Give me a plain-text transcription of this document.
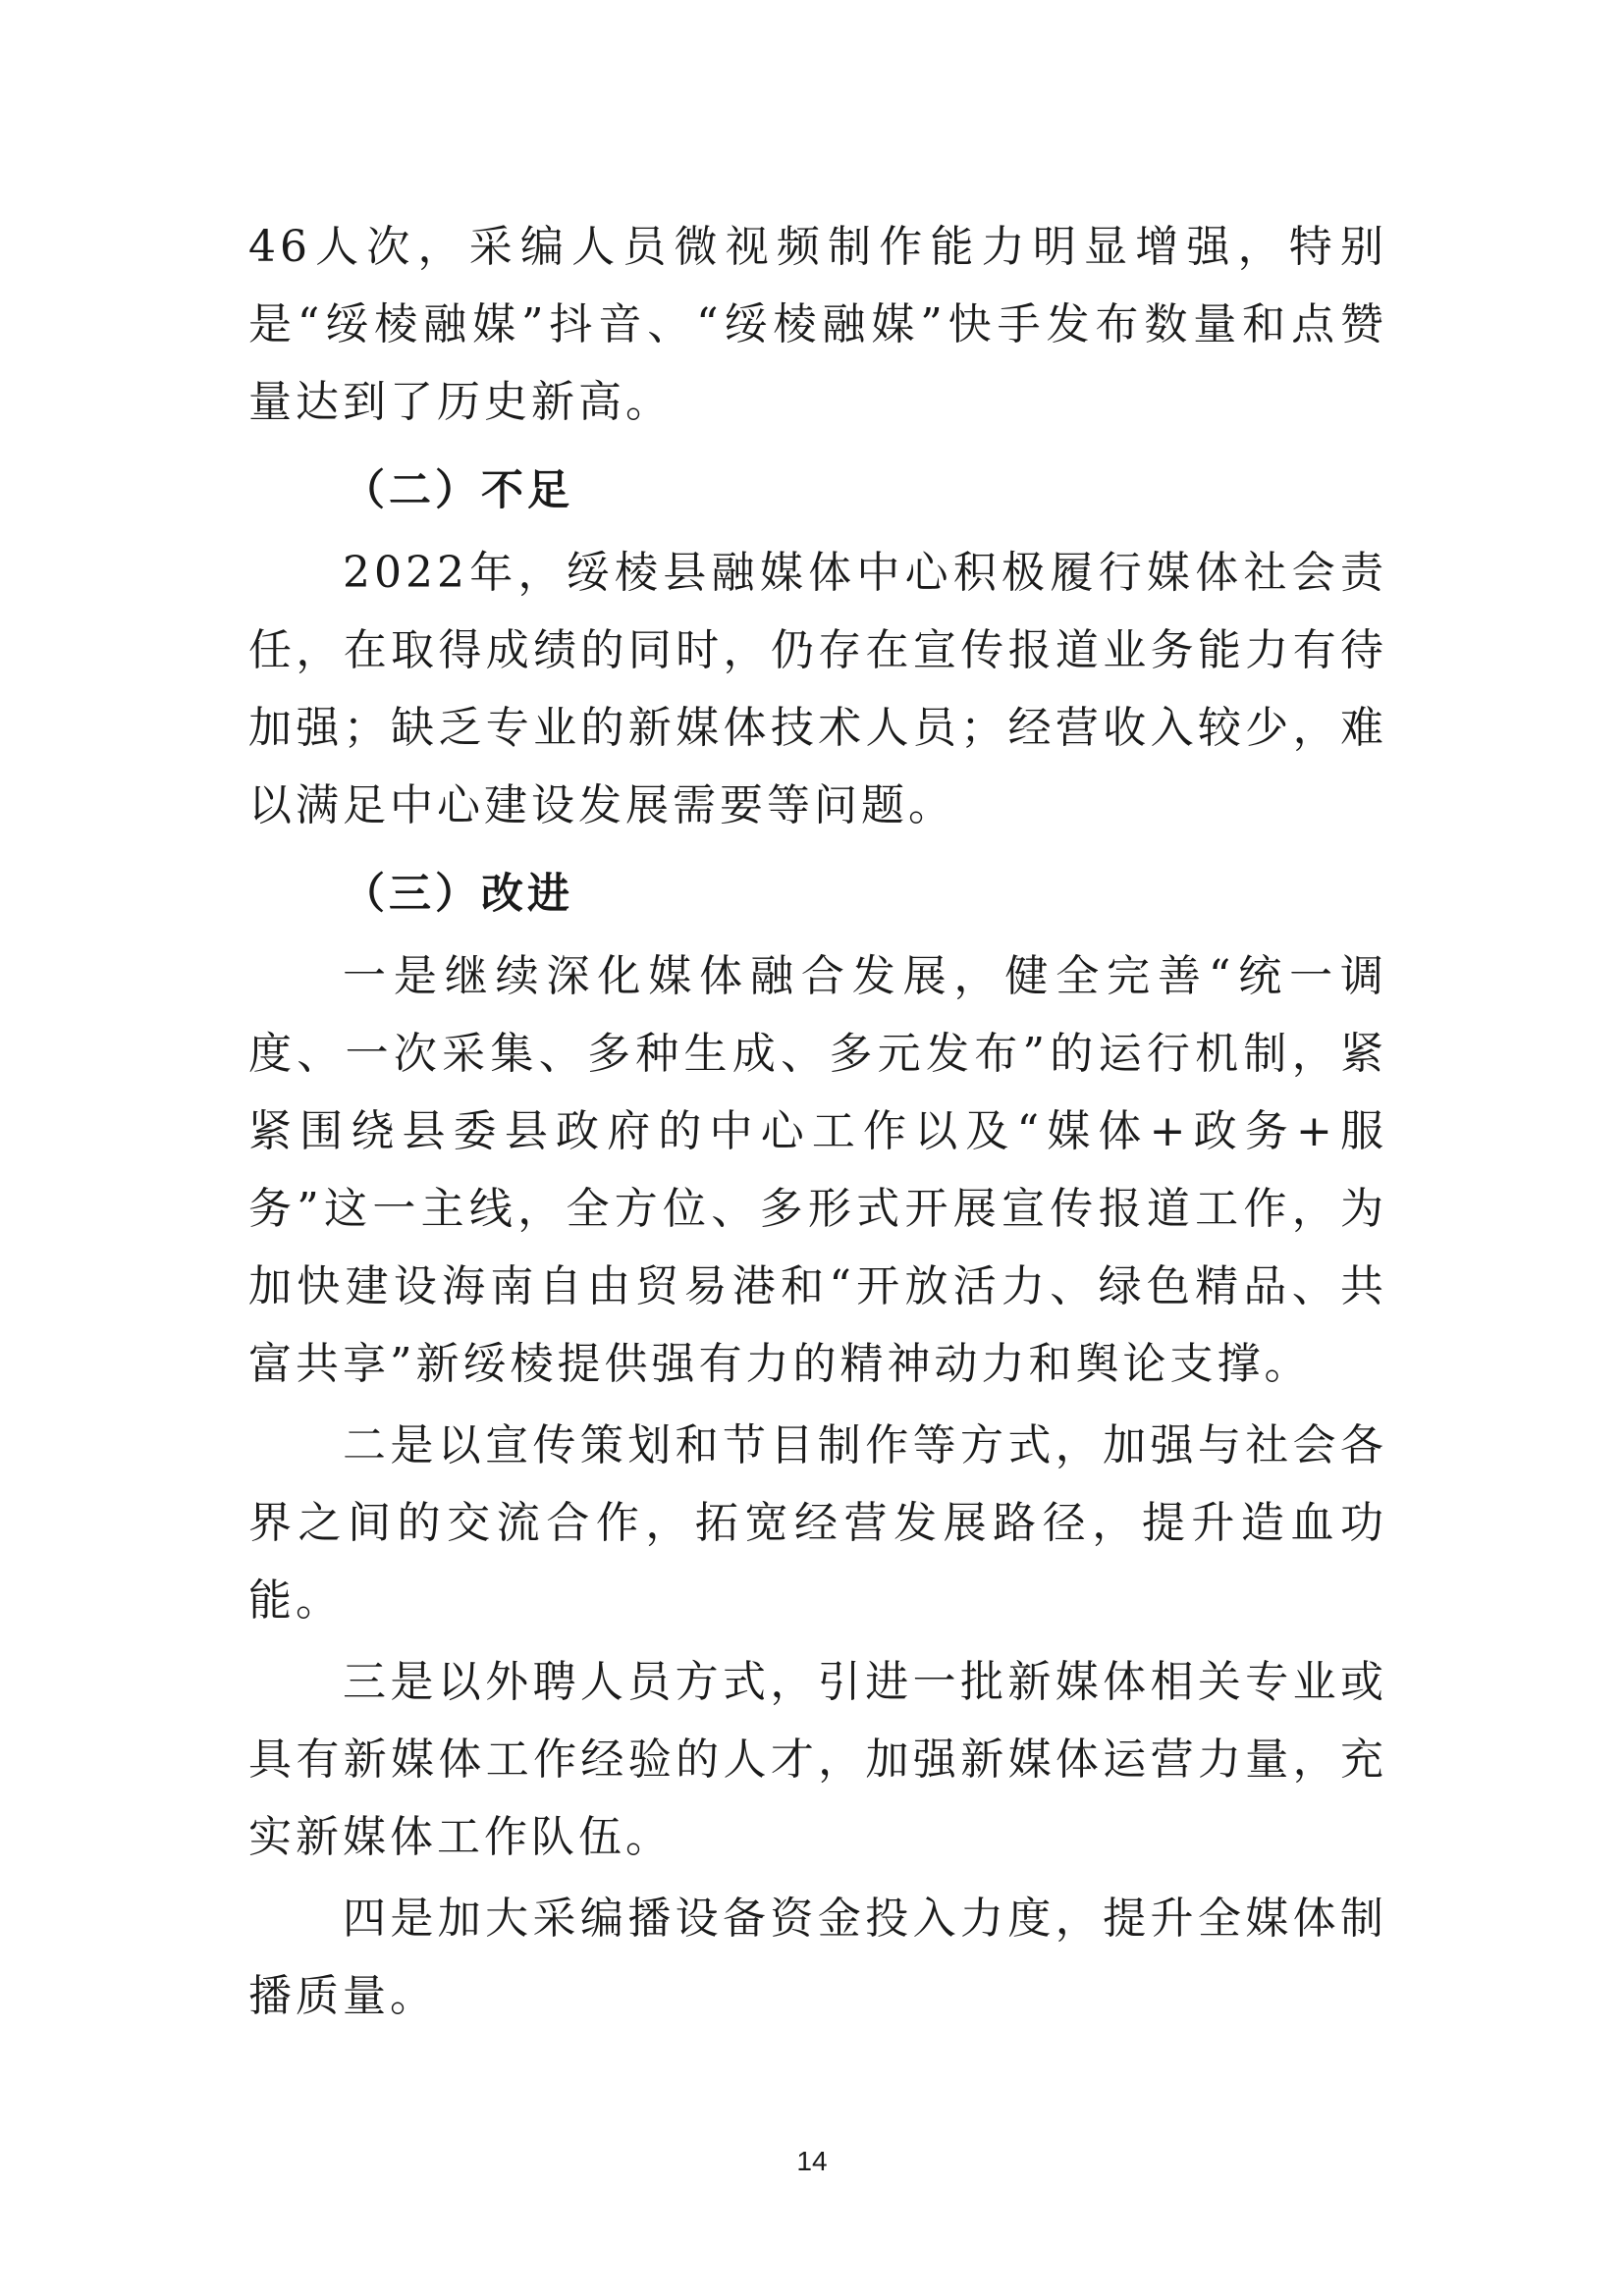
46人次，采编人员微视频制作能力明显增强，特别是“绥棱融媒”抖音、“绥棱融媒”快手发布数量和点赞量达到了历史新高。

（二）不足

2022年，绥棱县融媒体中心积极履行媒体社会责任，在取得成绩的同时，仍存在宣传报道业务能力有待加强；缺乏专业的新媒体技术人员；经营收入较少，难以满足中心建设发展需要等问题。

（三）改进

一是继续深化媒体融合发展，健全完善“统一调度、一次采集、多种生成、多元发布”的运行机制，紧紧围绕县委县政府的中心工作以及“媒体+政务+服务”这一主线，全方位、多形式开展宣传报道工作，为加快建设海南自由贸易港和“开放活力、绿色精品、共富共享”新绥棱提供强有力的精神动力和舆论支撑。

二是以宣传策划和节目制作等方式，加强与社会各界之间的交流合作，拓宽经营发展路径，提升造血功能。

三是以外聘人员方式，引进一批新媒体相关专业或具有新媒体工作经验的人才，加强新媒体运营力量，充实新媒体工作队伍。

四是加大采编播设备资金投入力度，提升全媒体制播质量。

14
